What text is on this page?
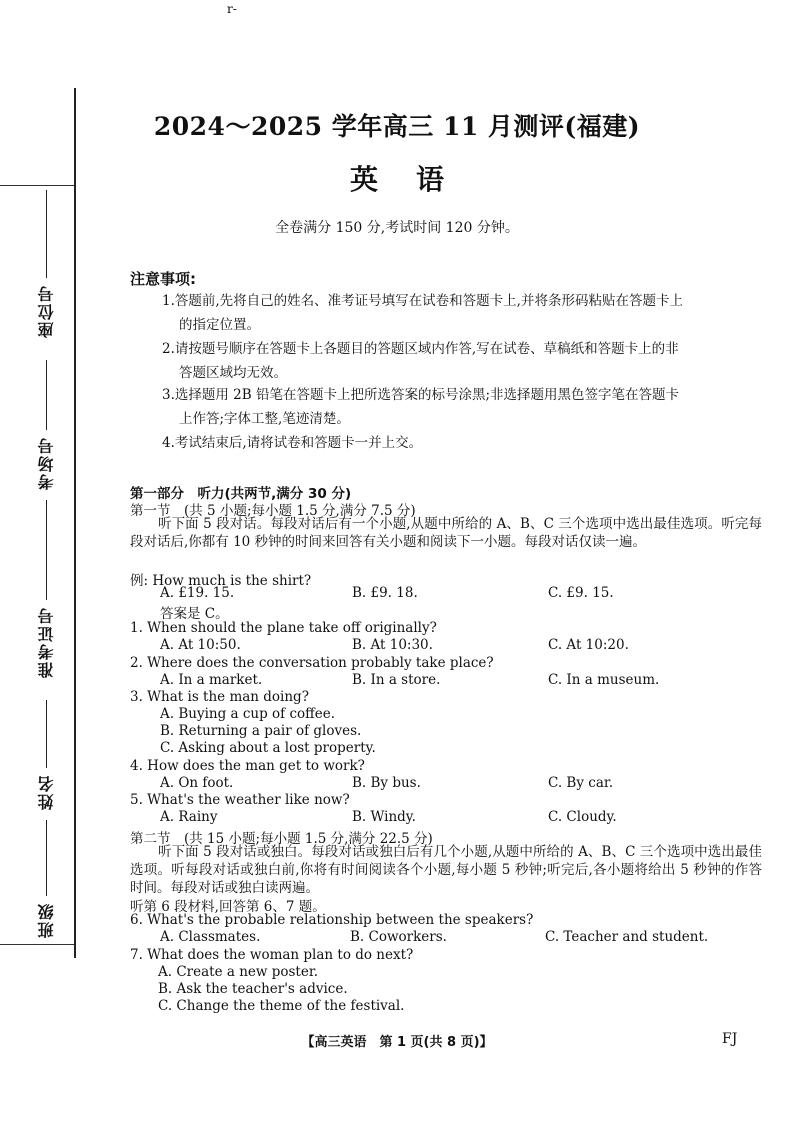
座位号
考场号
准考证号
姓名
班级
r-
2024～2025 学年高三 11 月测评(福建)
英语
全卷满分 150 分,考试时间 120 分钟。
注意事项:
1.答题前,先将自己的姓名、准考证号填写在试卷和答题卡上,并将条形码粘贴在答题卡上
的指定位置。
2.请按题号顺序在答题卡上各题目的答题区域内作答,写在试卷、草稿纸和答题卡上的非
答题区域均无效。
3.选择题用 2B 铅笔在答题卡上把所选答案的标号涂黑;非选择题用黑色签字笔在答题卡
上作答;字体工整,笔迹清楚。
4.考试结束后,请将试卷和答题卡一并上交。
第一部分　听力(共两节,满分 30 分)
第一节　(共 5 小题;每小题 1.5 分,满分 7.5 分)
听下面 5 段对话。每段对话后有一个小题,从题中所给的 A、B、C 三个选项中选出最佳选项。听完每段对话后,你都有 10 秒钟的时间来回答有关小题和阅读下一小题。每段对话仅读一遍。
例: How much is the shirt?
A. £19. 15.	B. £9. 18.	C. £9. 15.
答案是 C。
1. When should the plane take off originally?
A. At 10:50.	B. At 10:30.	C. At 10:20.
2. Where does the conversation probably take place?
A. In a market.	B. In a store.	C. In a museum.
3. What is the man doing?
A. Buying a cup of coffee.
B. Returning a pair of gloves.
C. Asking about a lost property.
4. How does the man get to work?
A. On foot.	B. By bus.	C. By car.
5. What's the weather like now?
A. Rainy	B. Windy.	C. Cloudy.
第二节　(共 15 小题;每小题 1.5 分,满分 22.5 分)
听下面 5 段对话或独白。每段对话或独白后有几个小题,从题中所给的 A、B、C 三个选项中选出最佳选项。听每段对话或独白前,你将有时间阅读各个小题,每小题 5 秒钟;听完后,各小题将给出 5 秒钟的作答时间。每段对话或独白读两遍。
听第 6 段材料,回答第 6、7 题。
6. What's the probable relationship between the speakers?
A. Classmates.	B. Coworkers.	C. Teacher and student.
7. What does the woman plan to do next?
A. Create a new poster.
B. Ask the teacher's advice.
C. Change the theme of the festival.
【高三英语　第 1 页(共 8 页)】	FJ
